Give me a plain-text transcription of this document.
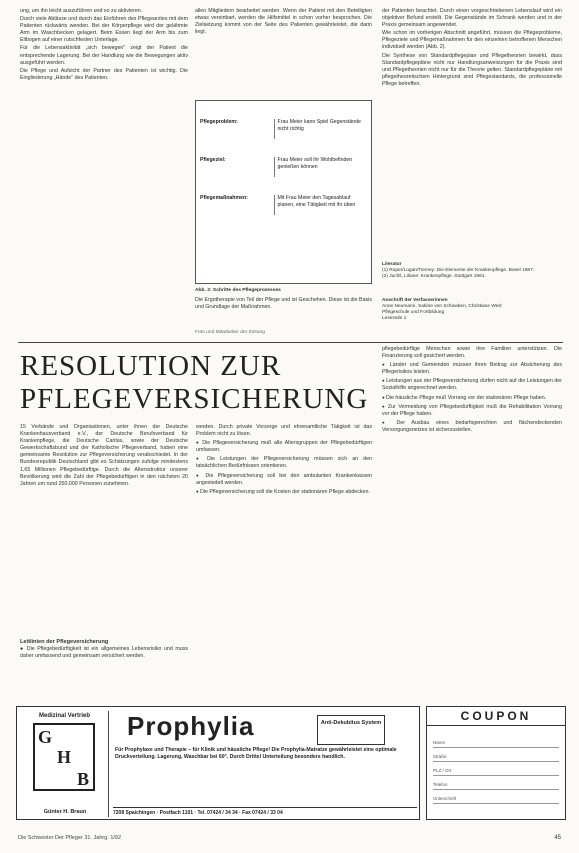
ung, um ihn leicht auszuführen und so zu aktivieren.

Durch viele Ablässe und durch das Einführen des Pflegearztes mit dem Patienten rückwärts wenden. Bei der Körperpflege wird der gelähmte Arm im Waschbecken gelagert. Beim Essen liegt der Arm bis zum Ellbogen auf einer rutschfesten Unterlage.

Für die Lebensaktivität „sich bewegen" zeigt der Patient die entsprechende Lagerung. Bei der Handlung wie die Bewegungen aktiv ausgeführt werden.

Die Pflege und Aufsicht der Partner des Patienten ist wichtig. Die Eingliederung „Hände" des Patienten.

allen Mitgliedern bearbeitet werden. Wenn der Patient mit den Beteiligten etwas vereinbart, werden die Hilfsmittel in schon vorher besprochen. Die Zielsetzung kommt von der Seite des Patienten gewährleistet, die darin liegt.

Pflegeproblem:	Frau Meier kann Spiel Gegenstände nicht richtig
Pflegeziel:	Frau Meier soll ihr Wohlbefinden genießen können
Pflegemaßnahmen:	Mit Frau Meier den Tagesablauf planen, eine Tätigkeit mit ihr üben
Abb. 2: Schritte des Pflegeprozesses

Die Ergotherapie von Teil der Pflege und ist Geschehen. Diese ist die Basis und Grundlage der Maßnahmen.

Foto und Mitarbeiter der Zeitung

der Patienten beachtet. Durch einen vorgeschriebenen Lebenslauf wird ein objektiver Befund erstellt. Die Gegenstände im Schrank werden und in der Praxis gemeinsam angewendet.

Wie schon im vorherigen Abschnitt angeführt, müssen die Pflegeprobleme, Pflegeziele und Pflegemaßnahmen für den einzelnen betroffenen Menschen individuell werden (Abb. 2).

Die Synthese von Standardpflegeplan und Pflegetheorien bewirkt, dass Standardpflegepläne nicht nur Handlungsanweisungen für die Praxis sind und Pflegetheorien nicht nur für die Theorie gelten. Standardpflegepläne mit pflegetheoretischem Hintergrund sind Pflegestandards, die professionelle Pflege betreffen.

Literatur
(1) Roper/Logan/Tierney: Die Elemente der Krankenpflege. Basel 1987.
(2) Juchli, Liliane: Krankenpflege. Stuttgart 1991.
Anschrift der Verfasserinnen
Anne Neumann, Sabine von Schwaben, Christiane Welz
Pflegeschule und Fortbildung
Lesezeile 1
RESOLUTION ZUR PFLEGEVERSICHERUNG

15 Verbände und Organisationen, unter ihnen der Deutsche Krankenhausverband e.V., der Deutsche Berufsverband für Krankenpflege, die Deutsche Caritas, sowie der Deutsche Gewerkschaftsbund und der Katholische Pflegeverband, haben eine gemeinsame Resolution zur Pflegeversicherung verabschiedet. In der Bundesrepublik Deutschland gibt es Schätzungen zufolge mindestens 1,65 Millionen Pflegebedürftige. Durch die Altersstruktur unserer Bevölkerung wird die Zahl der Pflegebedürftigen in den nächsten 20 Jahren um rund 250.000 Personen zunehmen.

Leitlinien der Pflegeversicherung

● Die Pflegebedürftigkeit ist ein allgemeines Lebensrisiko und muss daher umfassend und gemeinsam versichert werden.

werden. Durch private Vorsorge und ehrenamtliche Tätigkeit ist das Problem nicht zu lösen.

● Die Pflegeversicherung muß alle Altersgruppen der Pflegebedürftigen umfassen.

● Die Leistungen der Pflegeversicherung müssen sich an den tatsächlichen Bedürfnissen orientieren.

● Die Pflegeversicherung soll bei den ambulanten Krankenkassen angesiedelt werden.

● Die Pflegeversicherung soll die Kosten der stationären Pflege abdecken.

pflegebedürftige Menschen sowie ihre Familien unterstützen. Die Finanzierung soll gesichert werden.

● Länder und Gemeinden müssen ihren Beitrag zur Absicherung des Pflegerisikos leisten.

● Leistungen aus der Pflegeversicherung dürfen nicht auf die Leistungen der Sozialhilfe angerechnet werden.

● Die häusliche Pflege muß Vorrang vor der stationären Pflege haben.

● Zur Vermeidung von Pflegebedürftigkeit muß die Rehabilitation Vorrang vor der Pflege haben.

● Der Ausbau eines bedarfsgerechten und flächendeckenden Versorgungsnetzes ist sicherzustellen.

Medizinal Vertrieb
G
H
B
Günter H. Braun
Prophylia	Anti-Dekubitus System
Für Prophylaxe und Therapie – für Klinik und häusliche Pflege! Die Prophylia-Matratze gewährleistet eine optimale Druckverteilung. Lagerung, Waschbar bei 60°. Durch Drittel Unterteilung besonders handlich.
7208 Spaichingen · Postfach 1101 · Tel. 07424 / 34 34 · Fax 07424 / 33 04
COUPON
Name
Straße
PLZ / Ort
Telefon
Unterschrift
Die Schwester Der Pfleger 31. Jahrg. 1/92	45
